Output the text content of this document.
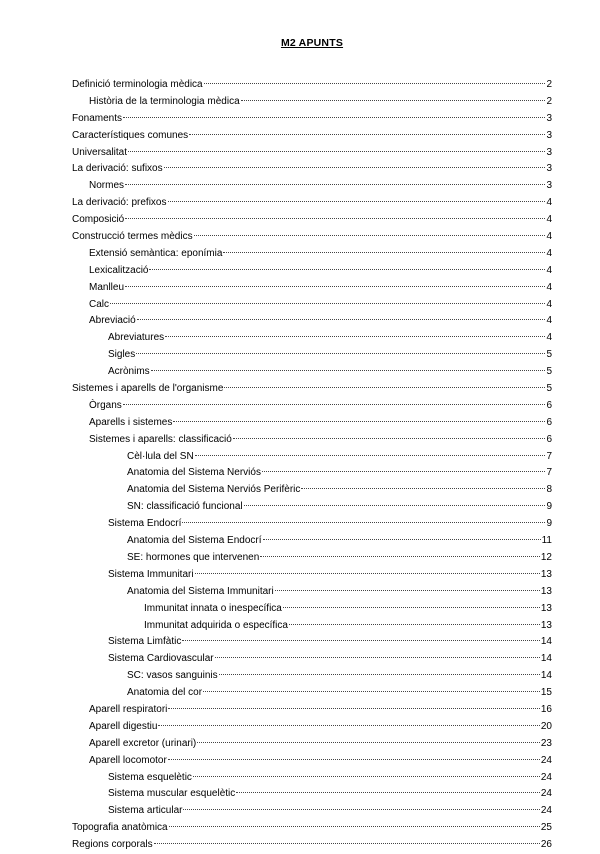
M2 APUNTS
Definició terminologia mèdica	2
Història de la terminologia mèdica	2
Fonaments	3
Característiques comunes	3
Universalitat	3
La derivació: sufixos	3
Normes	3
La derivació: prefixos	4
Composició	4
Construcció termes mèdics	4
Extensió semàntica: eponímia	4
Lexicalització	4
Manlleu	4
Calc	4
Abreviació	4
Abreviatures	4
Sigles	5
Acrònims	5
Sistemes i aparells de l'organisme	5
Òrgans	6
Aparells i sistemes	6
Sistemes i aparells: classificació	6
Cèl·lula del SN	7
Anatomia del Sistema Nerviós	7
Anatomia del Sistema Nerviós Perifèric	8
SN: classificació funcional	9
Sistema Endocrí	9
Anatomia del Sistema Endocrí	11
SE: hormones que intervenen	12
Sistema Immunitari	13
Anatomia del Sistema Immunitari	13
Immunitat innata o inespecífica	13
Immunitat adquirida o específica	13
Sistema Limfàtic	14
Sistema Cardiovascular	14
SC: vasos sanguinis	14
Anatomia del cor	15
Aparell respiratori	16
Aparell digestiu	20
Aparell excretor (urinari)	23
Aparell locomotor	24
Sistema esquelètic	24
Sistema muscular esquelètic	24
Sistema articular	24
Topografia anatòmica	25
Regions corporals	26
